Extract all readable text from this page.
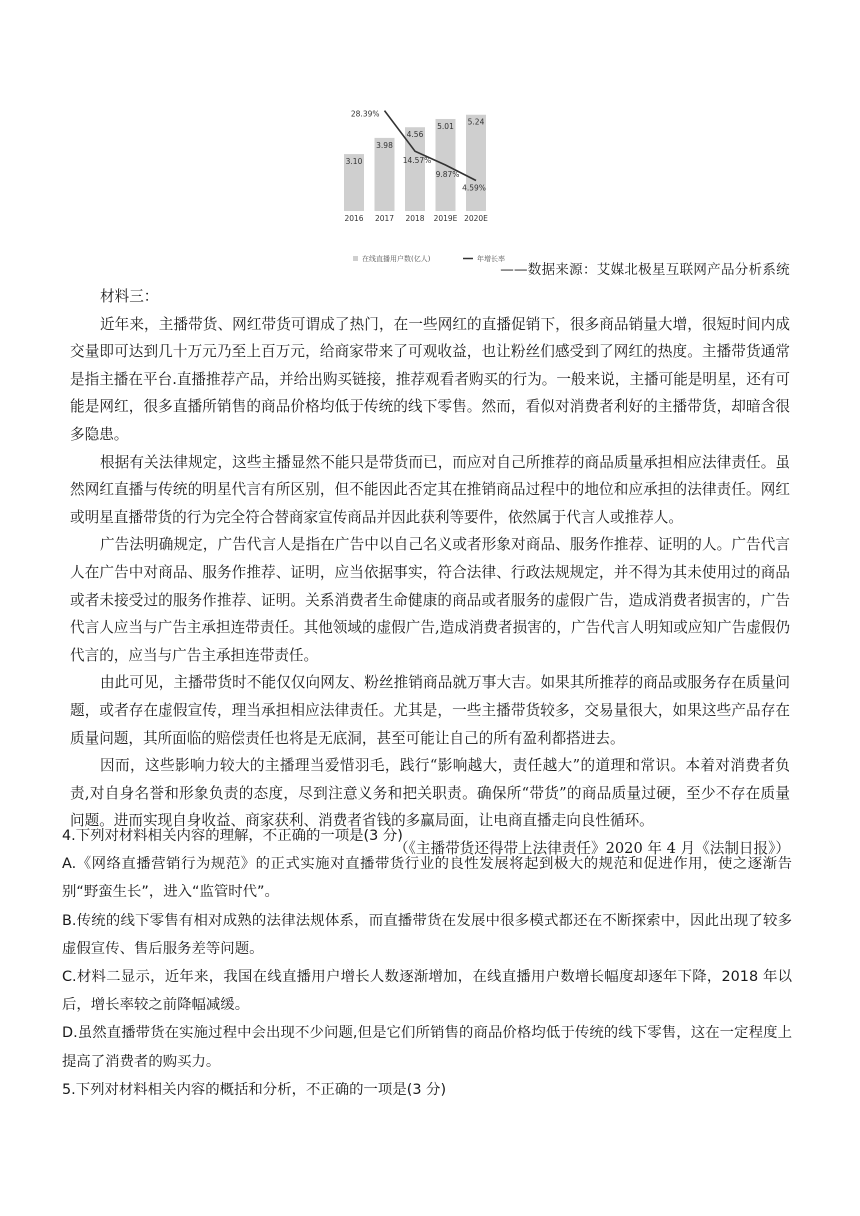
3.10
3.98
4.56
5.01 5.24
2016 2017 2018 2019E 2020E
28.39%
14.57%
9.87%
4.59%
在线直播用户数(亿人)	年增长率
——数据来源：艾媒北极星互联网产品分析系统

材料三：

近年来，主播带货、网红带货可谓成了热门，在一些网红的直播促销下，很多商品销量大增，很短时间内成交量即可达到几十万元乃至上百万元，给商家带来了可观收益，也让粉丝们感受到了网红的热度。主播带货通常是指主播在平台.直播推荐产品，并给出购买链接，推荐观看者购买的行为。一般来说，主播可能是明星，还有可能是网红，很多直播所销售的商品价格均低于传统的线下零售。然而，看似对消费者利好的主播带货，却暗含很多隐患。

根据有关法律规定，这些主播显然不能只是带货而已，而应对自己所推荐的商品质量承担相应法律责任。虽然网红直播与传统的明星代言有所区别，但不能因此否定其在推销商品过程中的地位和应承担的法律责任。网红或明星直播带货的行为完全符合替商家宣传商品并因此获利等要件，依然属于代言人或推荐人。

广告法明确规定，广告代言人是指在广告中以自己名义或者形象对商品、服务作推荐、证明的人。广告代言人在广告中对商品、服务作推荐、证明，应当依据事实，符合法律、行政法规规定，并不得为其未使用过的商品或者未接受过的服务作推荐、证明。关系消费者生命健康的商品或者服务的虚假广告，造成消费者损害的，广告代言人应当与广告主承担连带责任。其他领域的虚假广告,造成消费者损害的，广告代言人明知或应知广告虚假仍代言的，应当与广告主承担连带责任。

由此可见，主播带货时不能仅仅向网友、粉丝推销商品就万事大吉。如果其所推荐的商品或服务存在质量问题，或者存在虚假宣传，理当承担相应法律责任。尤其是，一些主播带货较多，交易量很大，如果这些产品存在质量问题，其所面临的赔偿责任也将是无底洞，甚至可能让自己的所有盈利都搭进去。

因而，这些影响力较大的主播理当爱惜羽毛，践行“影响越大，责任越大”的道理和常识。本着对消费者负责,对自身名誉和形象负责的态度，尽到注意义务和把关职责。确保所“带货”的商品质量过硬，至少不存在质量问题。进而实现自身收益、商家获利、消费者省钱的多赢局面，让电商直播走向良性循环。

（《主播带货还得带上法律责任》2020 年 4 月《法制日报》）

4.下列对材料相关内容的理解，不正确的一项是(3 分)

A.《网络直播营销行为规范》的正式实施对直播带货行业的良性发展将起到极大的规范和促进作用，使之逐渐告别“野蛮生长”，进入“监管时代”。

B.传统的线下零售有相对成熟的法律法规体系，而直播带货在发展中很多模式都还在不断探索中，因此出现了较多虚假宣传、售后服务差等问题。

C.材料二显示，近年来，我国在线直播用户增长人数逐渐增加，在线直播用户数增长幅度却逐年下降，2018 年以后，增长率较之前降幅减缓。

D.虽然直播带货在实施过程中会出现不少问题,但是它们所销售的商品价格均低于传统的线下零售，这在一定程度上提高了消费者的购买力。

5.下列对材料相关内容的概括和分析，不正确的一项是(3 分)
